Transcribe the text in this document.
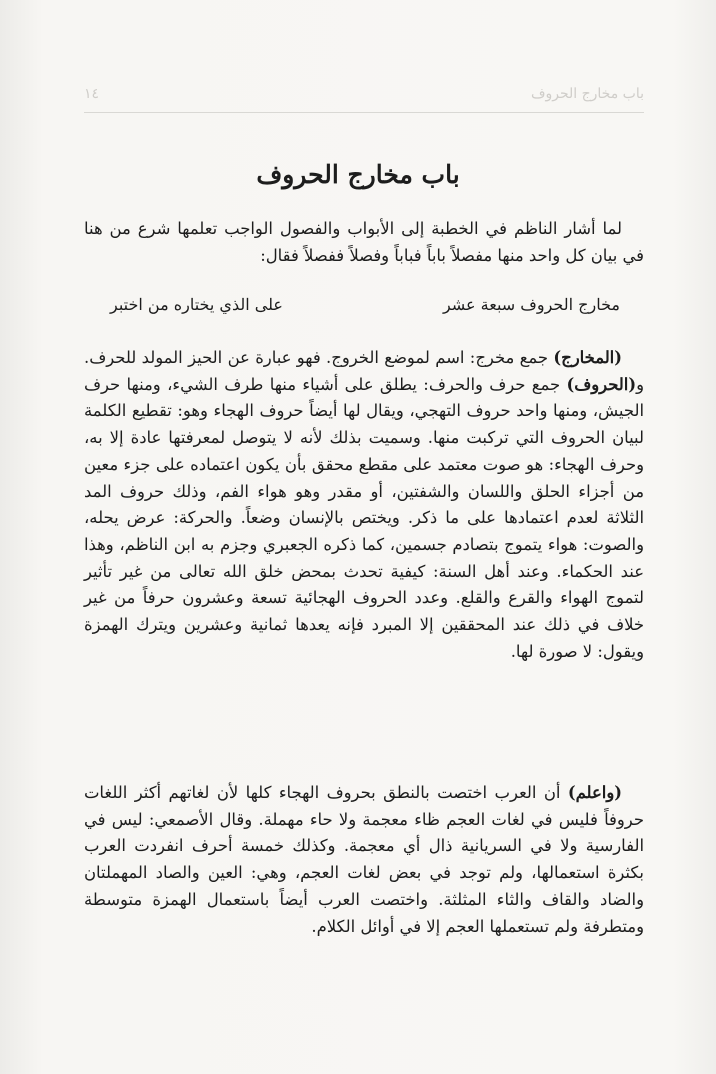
باب مخارج الحروف
١٤
باب مخارج الحروف

لما أشار الناظم في الخطبة إلى الأبواب والفصول الواجب تعلمها شرع من هنا في بيان كل واحد منها مفصلاً باباً فباباً وفصلاً ففصلاً فقال:

مخارج الحروف سبعة عشر
على الذي يختاره من اختبر

(المخارج) جمع مخرج: اسم لموضع الخروج. فهو عبارة عن الحيز المولد للحرف. و(الحروف) جمع حرف والحرف: يطلق على أشياء منها طرف الشيء، ومنها حرف الجيش، ومنها واحد حروف التهجي، ويقال لها أيضاً حروف الهجاء وهو: تقطيع الكلمة لبيان الحروف التي تركبت منها. وسميت بذلك لأنه لا يتوصل لمعرفتها عادة إلا به، وحرف الهجاء: هو صوت معتمد على مقطع محقق بأن يكون اعتماده على جزء معين من أجزاء الحلق واللسان والشفتين، أو مقدر وهو هواء الفم، وذلك حروف المد الثلاثة لعدم اعتمادها على ما ذكر. ويختص بالإنسان وضعاً. والحركة: عرض يحله، والصوت: هواء يتموج بتصادم جسمين، كما ذكره الجعبري وجزم به ابن الناظم، وهذا عند الحكماء. وعند أهل السنة: كيفية تحدث بمحض خلق الله تعالى من غير تأثير لتموج الهواء والقرع والقلع. وعدد الحروف الهجائية تسعة وعشرون حرفاً من غير خلاف في ذلك عند المحققين إلا المبرد فإنه يعدها ثمانية وعشرين ويترك الهمزة ويقول: لا صورة لها.

(واعلم) أن العرب اختصت بالنطق بحروف الهجاء كلها لأن لغاتهم أكثر اللغات حروفاً فليس في لغات العجم ظاء معجمة ولا حاء مهملة. وقال الأصمعي: ليس في الفارسية ولا في السريانية ذال أي معجمة. وكذلك خمسة أحرف انفردت العرب بكثرة استعمالها، ولم توجد في بعض لغات العجم، وهي: العين والصاد المهملتان والضاد والقاف والثاء المثلثة. واختصت العرب أيضاً باستعمال الهمزة متوسطة ومتطرفة ولم تستعملها العجم إلا في أوائل الكلام.
